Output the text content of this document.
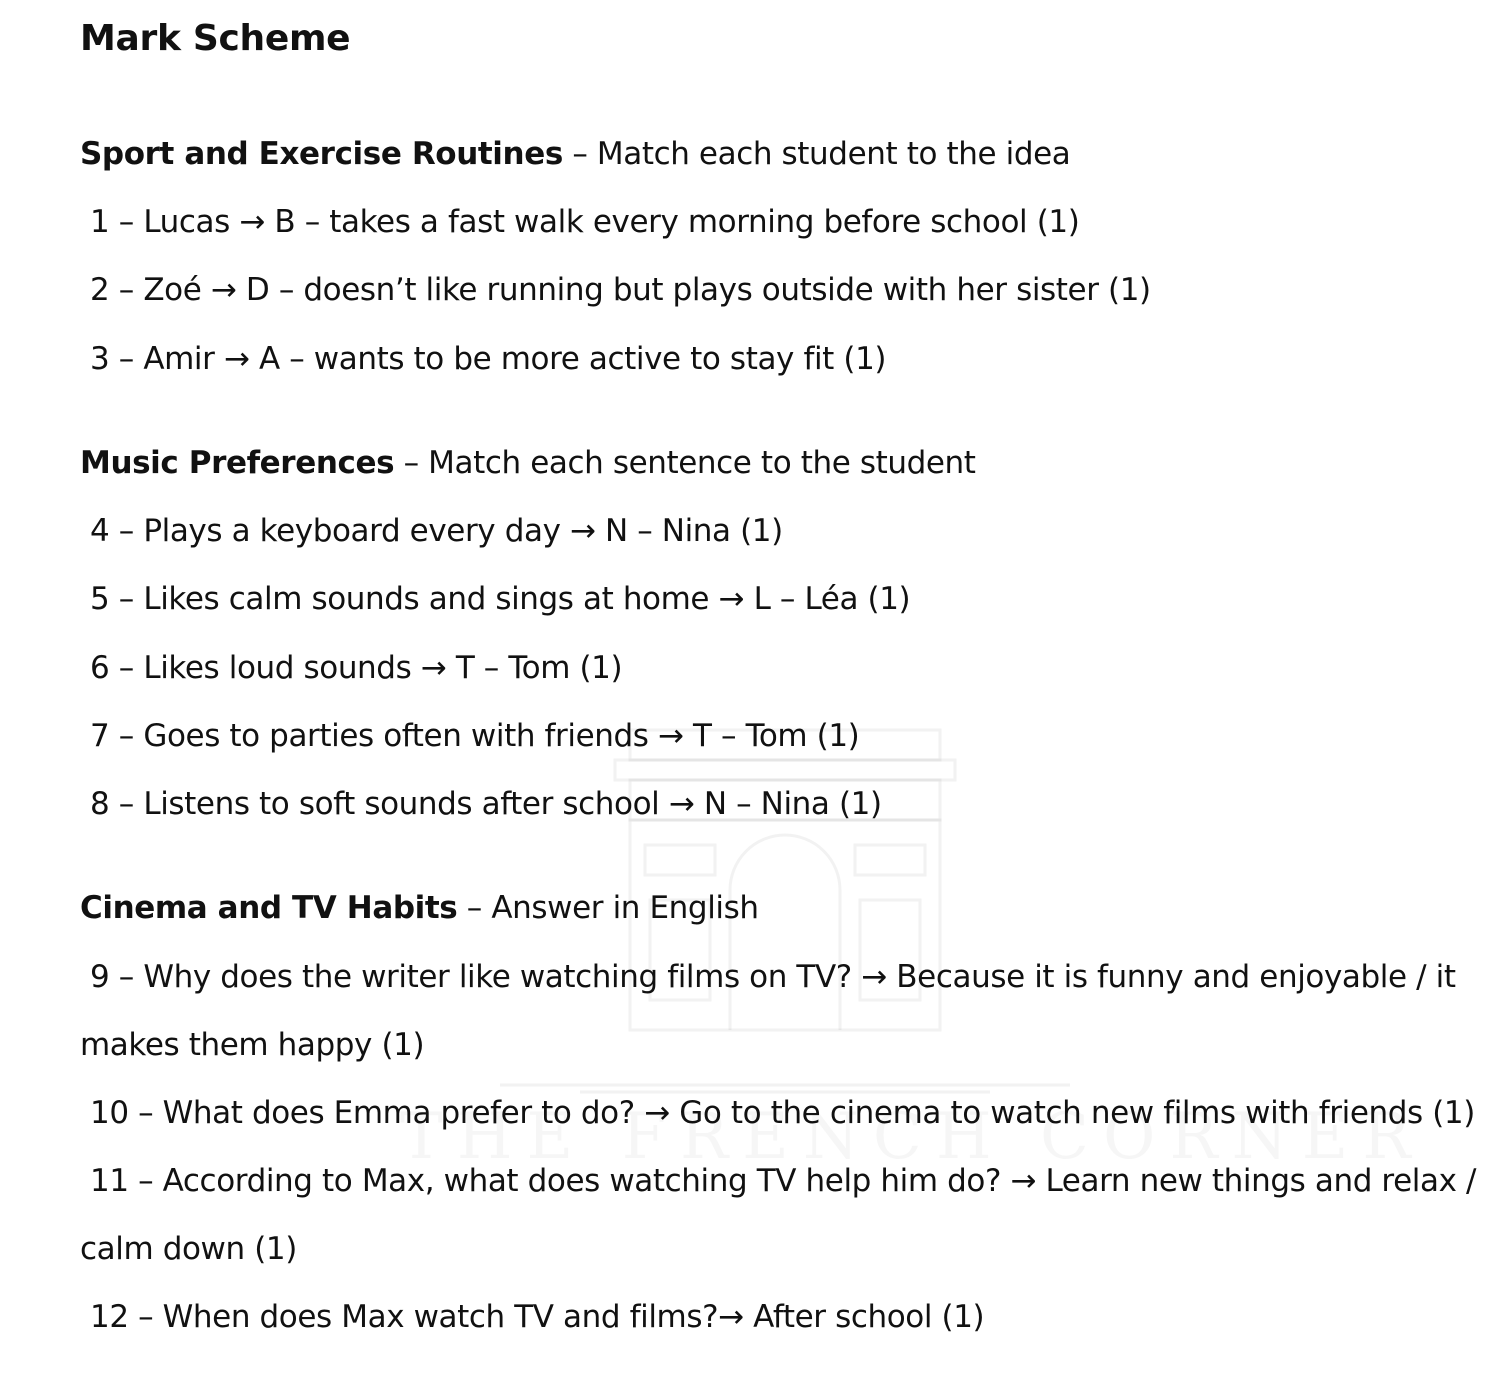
Mark Scheme
Sport and Exercise Routines – Match each student to the idea
1 – Lucas → B – takes a fast walk every morning before school (1)
2 – Zoé → D – doesn’t like running but plays outside with her sister (1)
3 – Amir → A – wants to be more active to stay fit (1)
Music Preferences – Match each sentence to the student
4 – Plays a keyboard every day → N – Nina (1)
5 – Likes calm sounds and sings at home → L – Léa (1)
6 – Likes loud sounds → T – Tom (1)
7 – Goes to parties often with friends → T – Tom (1)
8 – Listens to soft sounds after school → N – Nina (1)
Cinema and TV Habits – Answer in English
9 – Why does the writer like watching films on TV? → Because it is funny and enjoyable / it
makes them happy (1)
10 – What does Emma prefer to do? → Go to the cinema to watch new films with friends (1)
11 – According to Max, what does watching TV help him do? → Learn new things and relax /
calm down (1)
12 – When does Max watch TV and films?→ After school (1)
